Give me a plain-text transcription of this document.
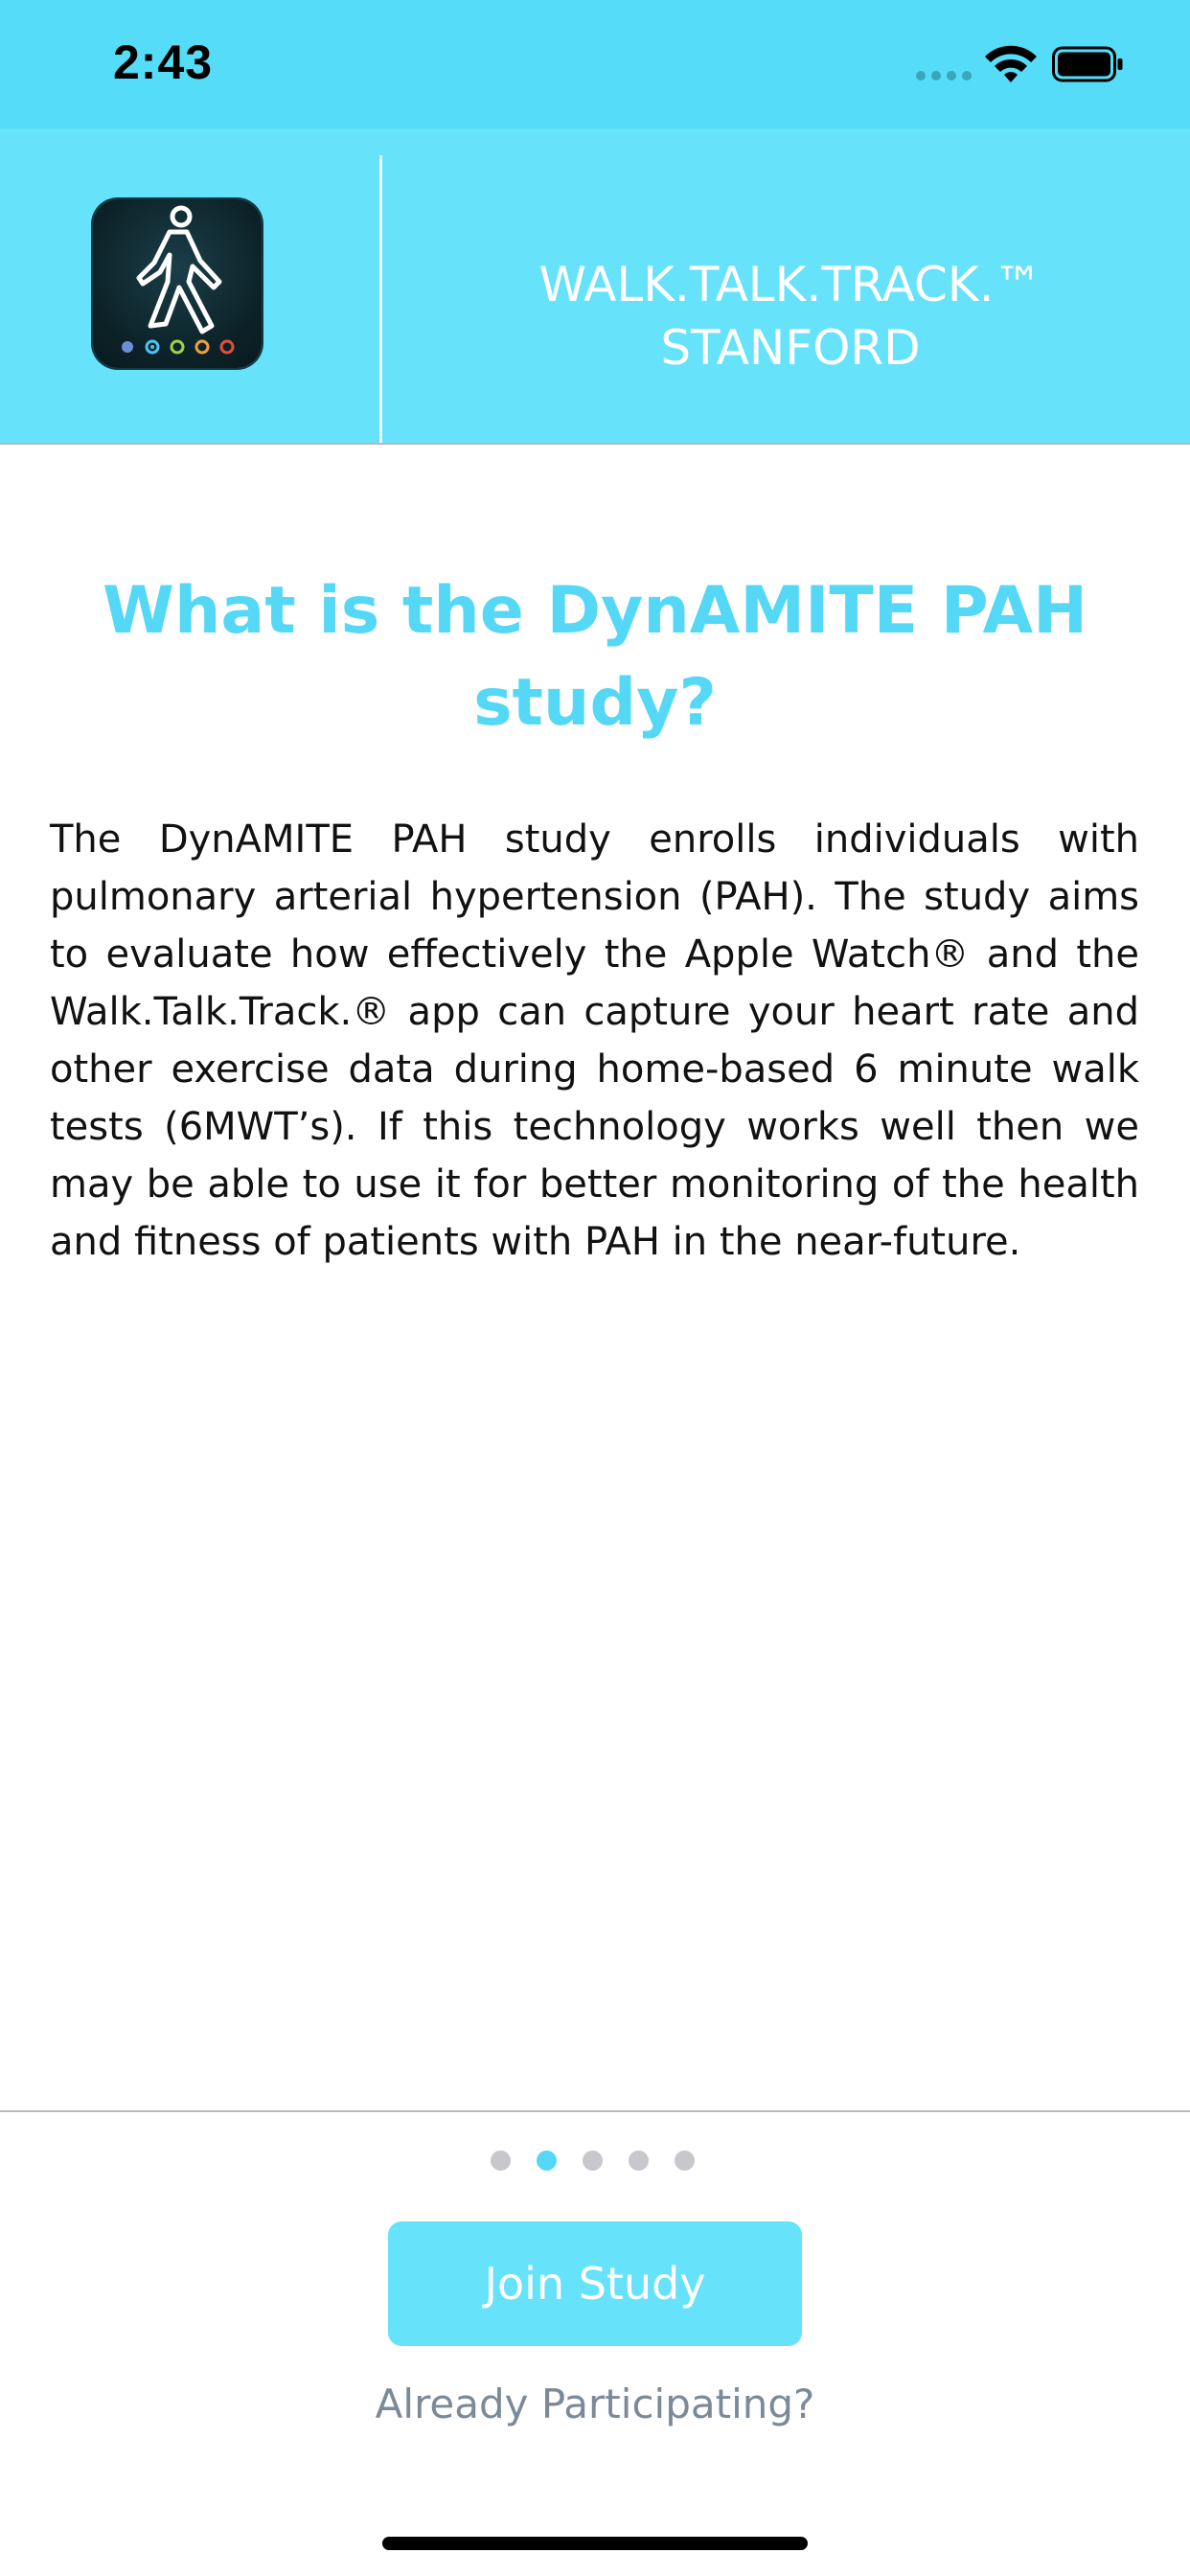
2:43
WALK.TALK.TRACK.™
STANFORD
What is the DynAMITE PAH study?
The DynAMITE PAH study enrolls individuals with pulmonary arterial hypertension (PAH). The study aims to evaluate how effectively the Apple Watch® and the Walk.Talk.Track.® app can capture your heart rate and other exercise data during home-based 6 minute walk tests (6MWT’s). If this technology works well then we may be able to use it for better monitoring of the health and fitness of patients with PAH in the near-future.
Join Study
Already Participating?
